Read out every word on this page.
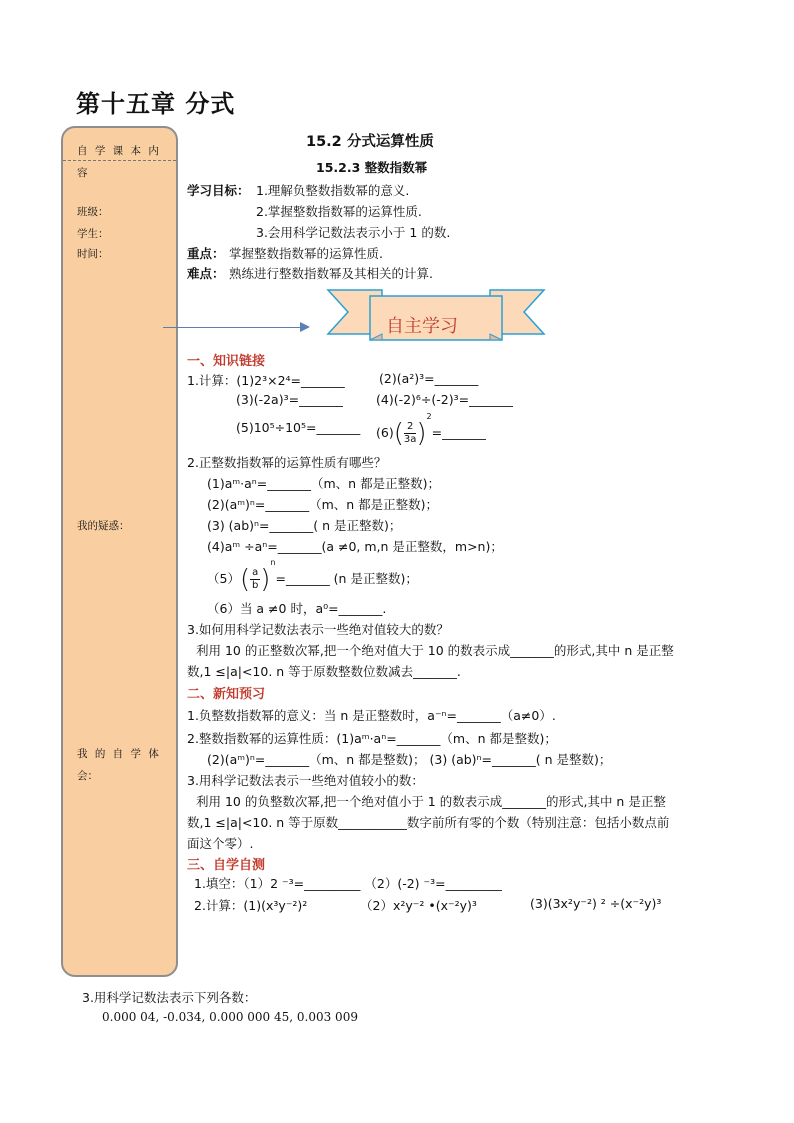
第十五章 分式
自 学 课 本 内
容
班级：
学生：
时间：
我的疑惑：
我 的 自 学 体
会：
15.2 分式运算性质
15.2.3 整数指数幂
学习目标： 1.理解负整数指数幂的意义.
2.掌握整数指数幂的运算性质.
3.会用科学记数法表示小于 1 的数.
重点： 掌握整数指数幂的运算性质.
难点： 熟练进行整数指数幂及其相关的计算.
自主学习
一、知识链接
1.计算：(1)2³×2⁴=_______	(2)(a²)³=_______
(3)(-2a)³=_______	(4)(-2)⁶÷(-2)³=_______
(5)10⁵÷10⁵=_______ $(6)( \frac{2}{3a})^2=\_\_\_\_\_\_\_$
2.正整数指数幂的运算性质有哪些？
(1)aᵐ·aⁿ=_______（m、n 都是正整数)；
(2)(aᵐ)ⁿ=_______（m、n 都是正整数)；
(3) (ab)ⁿ=_______( n 是正整数)；
(4)aᵐ ÷aⁿ=_______(a ≠0, m,n 是正整数，m>n)；
$(5)( \frac{a}{b})^n=\_\_\_\_\_\_\_$ (n 是正整数)；
（6）当 a ≠0 时，a⁰=_______.
3.如何用科学记数法表示一些绝对值较大的数？
利用 10 的正整数次幂,把一个绝对值大于 10 的数表示成_______的形式,其中 n 是正整
数,1 ≤|a|<10. n 等于原数整数位数减去_______.
二、新知预习
1.负整数指数幂的意义：当 n 是正整数时，a⁻ⁿ=_______（a≠0）.
2.整数指数幂的运算性质：(1)aᵐ·aⁿ=_______（m、n 都是整数)；
(2)(aᵐ)ⁿ=_______（m、n 都是整数)； (3) (ab)ⁿ=_______( n 是整数)；
3.用科学记数法表示一些绝对值较小的数：
利用 10 的负整数次幂,把一个绝对值小于 1 的数表示成_______的形式,其中 n 是正整
数,1 ≤|a|<10. n 等于原数___________数字前所有零的个数（特别注意：包括小数点前
面这个零）.
三、自学自测
1.填空：（1）2 ⁻³=_________ （2）(-2) ⁻³=_________
2.计算：(1)(x³y⁻²)²	（2）x²y⁻² •(x⁻²y)³	(3)(3x²y⁻²) ² ÷(x⁻²y)³
3.用科学记数法表示下列各数：
0.000 04, -0.034, 0.000 000 45, 0.003 009
